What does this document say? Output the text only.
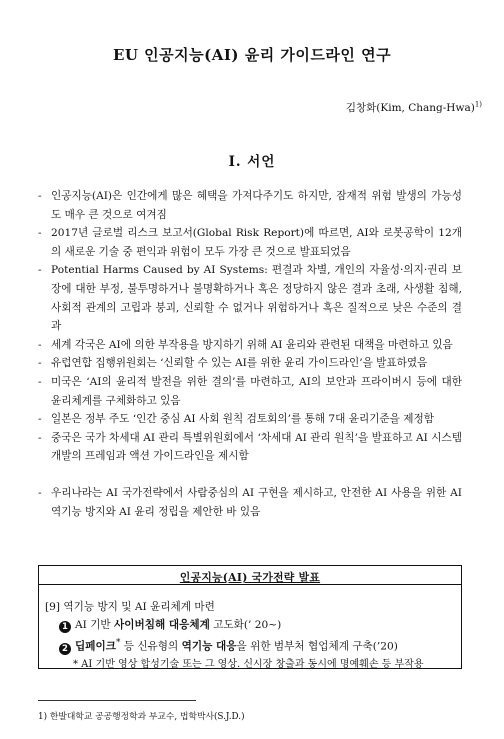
EU 인공지능(AI) 윤리 가이드라인 연구
김창화(Kim, Chang-Hwa)$^{1)}$
Ⅰ. 서언
- 인공지능(AI)은 인간에게 많은 혜택을 가져다주기도 하지만, 잠재적 위험 발생의 가능성도 매우 큰 것으로 여겨짐
- 2017년 글로벌 리스크 보고서(Global Risk Report)에 따르면, AI와 로봇공학이 12개의 새로운 기술 중 편익과 위험이 모두 가장 큰 것으로 발표되었음
- Potential Harms Caused by AI Systems: 편결과 차별, 개인의 자율성·의지·권리 보장에 대한 부정, 불투명하거나 불명확하거나 혹은 정당하지 않은 결과 초래, 사생활 침해, 사회적 관계의 고립과 붕괴, 신뢰할 수 없거나 위험하거나 혹은 질적으로 낮은 수준의 결과
- 세계 각국은 AI에 의한 부작용을 방지하기 위해 AI 윤리와 관련된 대책을 마련하고 있음
- 유럽연합 집행위원회는 ‘신뢰할 수 있는 AI를 위한 윤리 가이드라인’을 발표하였음
- 미국은 ‘AI의 윤리적 발전을 위한 결의’를 마련하고, AI의 보안과 프라이버시 등에 대한 윤리체계를 구체화하고 있음
- 일본은 정부 주도 ‘인간 중심 AI 사회 원칙 검토회의’를 통해 7대 윤리기준을 제정함
- 중국은 국가 차세대 AI 관리 특별위원회에서 ‘차세대 AI 관리 원칙’을 발표하고 AI 시스템 개발의 프레임과 액션 가이드라인을 제시함
- 우리나라는 AI 국가전략에서 사람중심의 AI 구현을 제시하고, 안전한 AI 사용을 위한 AI 역기능 방지와 AI 윤리 정립을 제안한 바 있음
인공지능(AI) 국가전략 발표
[9] 역기능 방지 및 AI 윤리체계 마련
1 AI 기반 사이버침해 대응체계 고도화(’ 20~)
2 딥페이크* 등 신유형의 역기능 대응을 위한 범부처 협업체계 구축(’20)
* AI 기반 영상 합성기술 또는 그 영상. 신시장 창출과 동시에 명예훼손 등 부작용
1) 한발대학교 공공행정학과 부교수, 법학박사(S.J.D.)
